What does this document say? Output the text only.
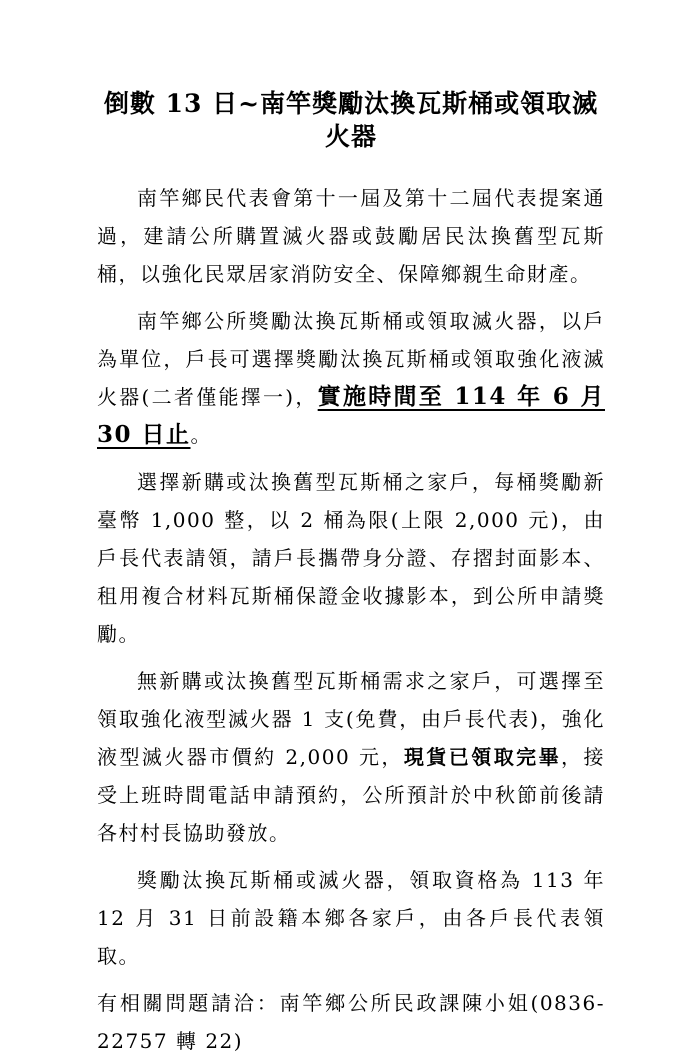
倒數 13 日~南竿獎勵汰換瓦斯桶或領取滅火器

南竿鄉民代表會第十一屆及第十二屆代表提案通過，建請公所購置滅火器或鼓勵居民汰換舊型瓦斯桶，以強化民眾居家消防安全、保障鄉親生命財產。

南竿鄉公所獎勵汰換瓦斯桶或領取滅火器，以戶為單位，戶長可選擇獎勵汰換瓦斯桶或領取強化液滅火器(二者僅能擇一)，實施時間至 114 年 6 月 30 日止。

選擇新購或汰換舊型瓦斯桶之家戶，每桶獎勵新臺幣 1,000 整，以 2 桶為限(上限 2,000 元)，由戶長代表請領，請戶長攜帶身分證、存摺封面影本、租用複合材料瓦斯桶保證金收據影本，到公所申請獎勵。

無新購或汰換舊型瓦斯桶需求之家戶，可選擇至領取強化液型滅火器 1 支(免費，由戶長代表)，強化液型滅火器市價約 2,000 元，現貨已領取完畢，接受上班時間電話申請預約，公所預計於中秋節前後請各村村長協助發放。

獎勵汰換瓦斯桶或滅火器，領取資格為 113 年 12 月 31 日前設籍本鄉各家戶，由各戶長代表領取。

有相關問題請洽：南竿鄉公所民政課陳小姐(0836-22757 轉 22)
